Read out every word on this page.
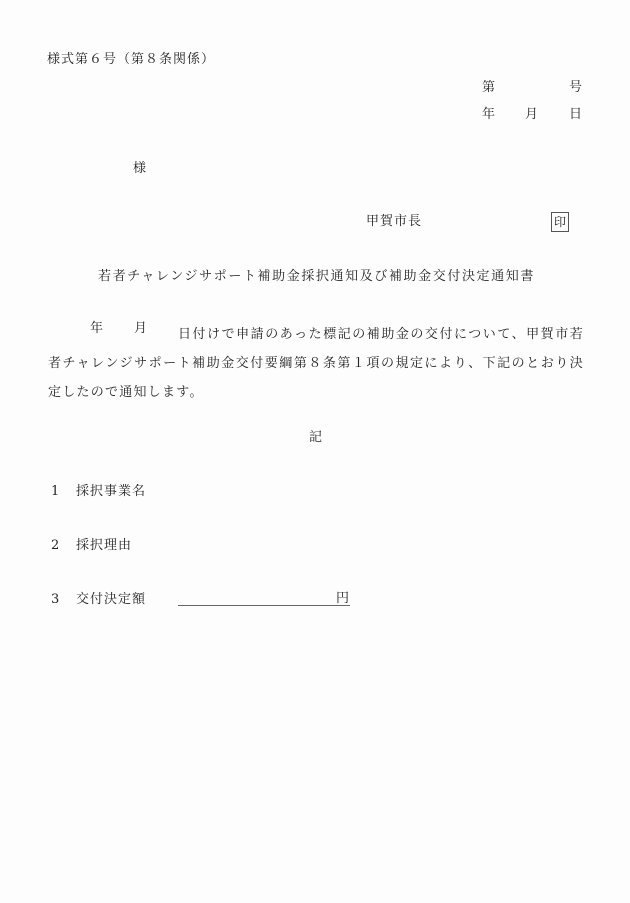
様式第６号（第８条関係）
第	号
年 月 日
様
甲賀市長	印
若者チャレンジサポート補助金採択通知及び補助金交付決定通知書
年 月	日付けで申請のあった標記の補助金の交付について、甲賀市若者チャレンジサポート補助金交付要綱第８条第１項の規定により、下記のとおり決定したので通知します。
記
1 採択事業名
2 採択理由
3 交付決定額	円
